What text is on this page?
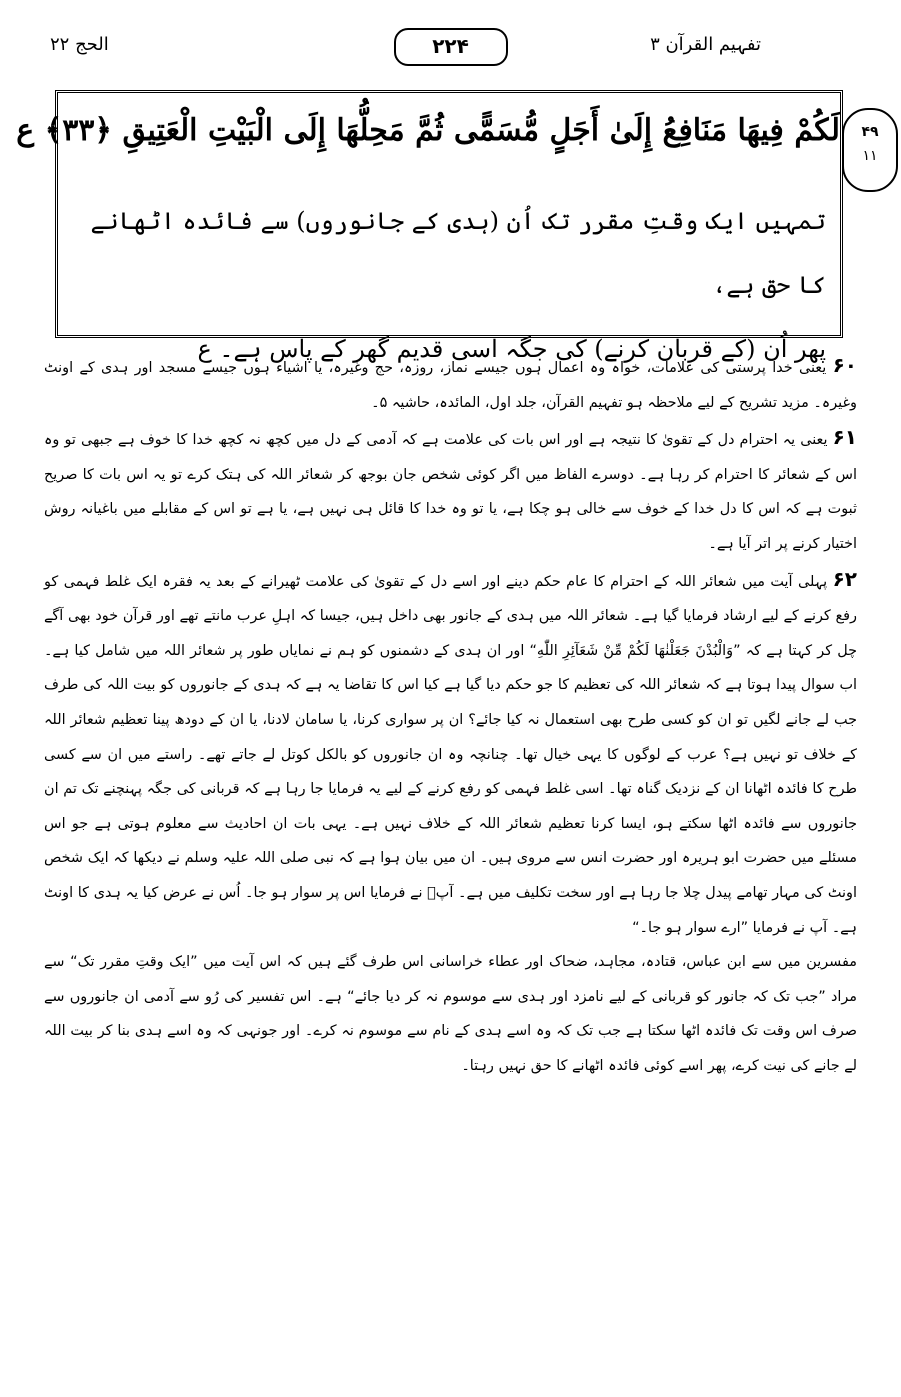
الحج ۲۲	۲۲۴	تفہیم القرآن ۳
۴۹
۱۱
لَكُمْ فِيهَا مَنَافِعُ إِلَىٰ أَجَلٍ مُّسَمًّى ثُمَّ مَحِلُّهَا إِلَى الْبَيْتِ الْعَتِيقِ ﴿٣٣﴾ ع
تمہیں ایک وقتِ مقرر تک اُن (ہدی کے جانوروں) سے فائدہ اٹھانے کا حق ہے،
پھر اُن (کے قربان کرنے) کی جگہ اسی قدیم گھر کے پاس ہے۔ ع

۶۰ یعنی خدا پرستی کی علامات، خواہ وہ اعمال ہوں جیسے نماز، روزہ، حج وغیرہ، یا اشیاء ہوں جیسے مسجد اور ہدی کے اونٹ وغیرہ۔ مزید تشریح کے لیے ملاحظہ ہو تفہیم القرآن، جلد اول، المائدہ، حاشیہ ۵۔

۶۱ یعنی یہ احترام دل کے تقویٰ کا نتیجہ ہے اور اس بات کی علامت ہے کہ آدمی کے دل میں کچھ نہ کچھ خدا کا خوف ہے جبھی تو وہ اس کے شعائر کا احترام کر رہا ہے۔ دوسرے الفاظ میں اگر کوئی شخص جان بوجھ کر شعائر اللہ کی ہتک کرے تو یہ اس بات کا صریح ثبوت ہے کہ اس کا دل خدا کے خوف سے خالی ہو چکا ہے، یا تو وہ خدا کا قائل ہی نہیں ہے، یا ہے تو اس کے مقابلے میں باغیانہ روش اختیار کرنے پر اتر آیا ہے۔

۶۲ پہلی آیت میں شعائر اللہ کے احترام کا عام حکم دینے اور اسے دل کے تقویٰ کی علامت ٹھیرانے کے بعد یہ فقرہ ایک غلط فہمی کو رفع کرنے کے لیے ارشاد فرمایا گیا ہے۔ شعائر اللہ میں ہدی کے جانور بھی داخل ہیں، جیسا کہ اہلِ عرب مانتے تھے اور قرآن خود بھی آگے چل کر کہتا ہے کہ ”وَالْبُدْنَ جَعَلْنٰهَا لَكُمْ مِّنْ شَعَآئِرِ اللّٰهِ“ اور ان ہدی کے دشمنوں کو ہم نے نمایاں طور پر شعائر اللہ میں شامل کیا ہے۔ اب سوال پیدا ہوتا ہے کہ شعائر اللہ کی تعظیم کا جو حکم دیا گیا ہے کیا اس کا تقاضا یہ ہے کہ ہدی کے جانوروں کو بیت اللہ کی طرف جب لے جانے لگیں تو ان کو کسی طرح بھی استعمال نہ کیا جائے؟ ان پر سواری کرنا، یا سامان لادنا، یا ان کے دودھ پینا تعظیم شعائر اللہ کے خلاف تو نہیں ہے؟ عرب کے لوگوں کا یہی خیال تھا۔ چنانچہ وہ ان جانوروں کو بالکل کوتل لے جاتے تھے۔ راستے میں ان سے کسی طرح کا فائدہ اٹھانا ان کے نزدیک گناہ تھا۔ اسی غلط فہمی کو رفع کرنے کے لیے یہ فرمایا جا رہا ہے کہ قربانی کی جگہ پہنچنے تک تم ان جانوروں سے فائدہ اٹھا سکتے ہو، ایسا کرنا تعظیم شعائر اللہ کے خلاف نہیں ہے۔ یہی بات ان احادیث سے معلوم ہوتی ہے جو اس مسئلے میں حضرت ابو ہریرہ اور حضرت انس سے مروی ہیں۔ ان میں بیان ہوا ہے کہ نبی صلی اللہ علیہ وسلم نے دیکھا کہ ایک شخص اونٹ کی مہار تھامے پیدل چلا جا رہا ہے اور سخت تکلیف میں ہے۔ آپؐ نے فرمایا اس پر سوار ہو جا۔ اُس نے عرض کیا یہ ہدی کا اونٹ ہے۔ آپ نے فرمایا ”ارے سوار ہو جا۔“

مفسرین میں سے ابن عباس، قتادہ، مجاہد، ضحاک اور عطاء خراسانی اس طرف گئے ہیں کہ اس آیت میں ”ایک وقتِ مقرر تک“ سے مراد ”جب تک کہ جانور کو قربانی کے لیے نامزد اور ہدی سے موسوم نہ کر دیا جائے“ ہے۔ اس تفسیر کی رُو سے آدمی ان جانوروں سے صرف اس وقت تک فائدہ اٹھا سکتا ہے جب تک کہ وہ اسے ہدی کے نام سے موسوم نہ کرے۔ اور جونہی کہ وہ اسے ہدی بنا کر بیت اللہ لے جانے کی نیت کرے، پھر اسے کوئی فائدہ اٹھانے کا حق نہیں رہتا۔
